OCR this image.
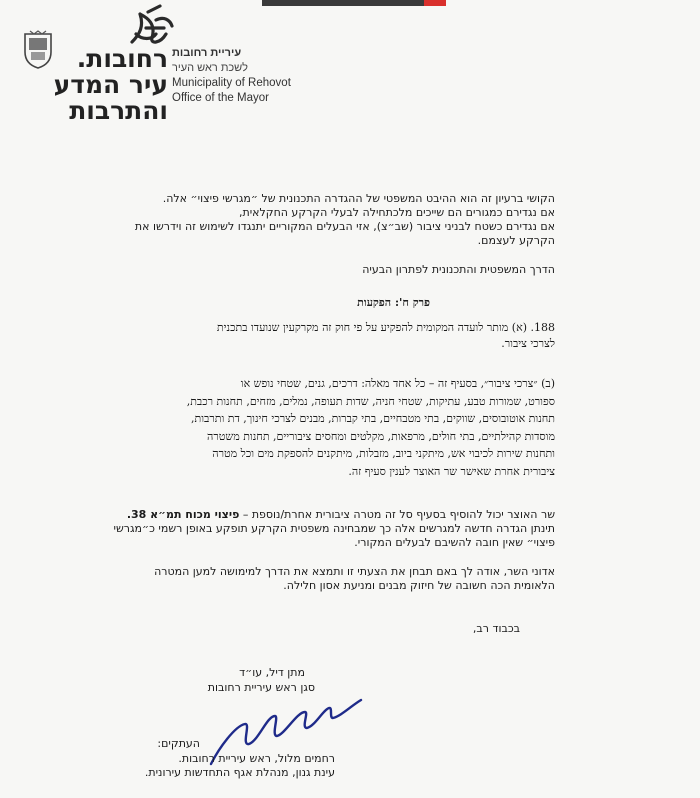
רחובות.
עיר המדע
והתרבות
עיריית רחובות
לשכת ראש העיר
Municipality of Rehovot
Office of the Mayor
הקושי ברעיון זה הוא ההיבט המשפטי של ההגדרה התכנונית של ״מגרשי פיצוי״ אלה.
אם נגדירם כמגורים הם שייכים מלכתחילה לבעלי הקרקע החקלאית,
אם נגדירם כשטח לבניני ציבור (שב״צ), אזי הבעלים המקוריים יתנגדו לשימוש זה וידרשו את
הקרקע לעצמם.
הדרך המשפטית והתכנונית לפתרון הבעיה
פרק ח': הפקעות
188. (א) מותר לועדה המקומית להפקיע על פי חוק זה מקרקעין שנועדו בתכנית
לצרכי ציבור.
(ב) ״צרכי ציבור״, בסעיף זה – כל אחד מאלה: דרכים, גנים, שטחי נופש או
ספורט, שמורות טבע, עתיקות, שטחי חניה, שדות תעופה, נמלים, מזחים, תחנות רכבת,
תחנות אוטובוסים, שווקים, בתי מטבחיים, בתי קברות, מבנים לצרכי חינוך, דת ותרבות,
מוסדות קהילתיים, בתי חולים, מרפאות, מקלטים ומחסים ציבוריים, תחנות משטרה
ותחנות שירות לכיבוי אש, מיתקני ביוב, מזבלות, מיתקנים להספקת מים וכל מטרה
ציבורית אחרת שאישר שר האוצר לענין סעיף זה.
שר האוצר יכול להוסיף בסעיף סל זה מטרה ציבורית אחרת/נוספת – פיצוי מכוח תמ״א 38.
תינתן הגדרה חדשה למגרשים אלה כך שמבחינה משפטית הקרקע תופקע באופן רשמי כ״מגרשי
פיצוי״ שאין חובה להשיבם לבעלים המקורי.
אדוני השר, אודה לך באם תבחן את הצעתי זו ותמצא את הדרך למימושה למען המטרה
הלאומית הכה חשובה של חיזוק מבנים ומניעת אסון חלילה.
בכבוד רב,
מתן דיל, עו״ד
סגן ראש עיריית רחובות
העתקים:
רחמים מלול, ראש עיריית רחובות.
עינת גנון, מנהלת אגף התחדשות עירונית.
